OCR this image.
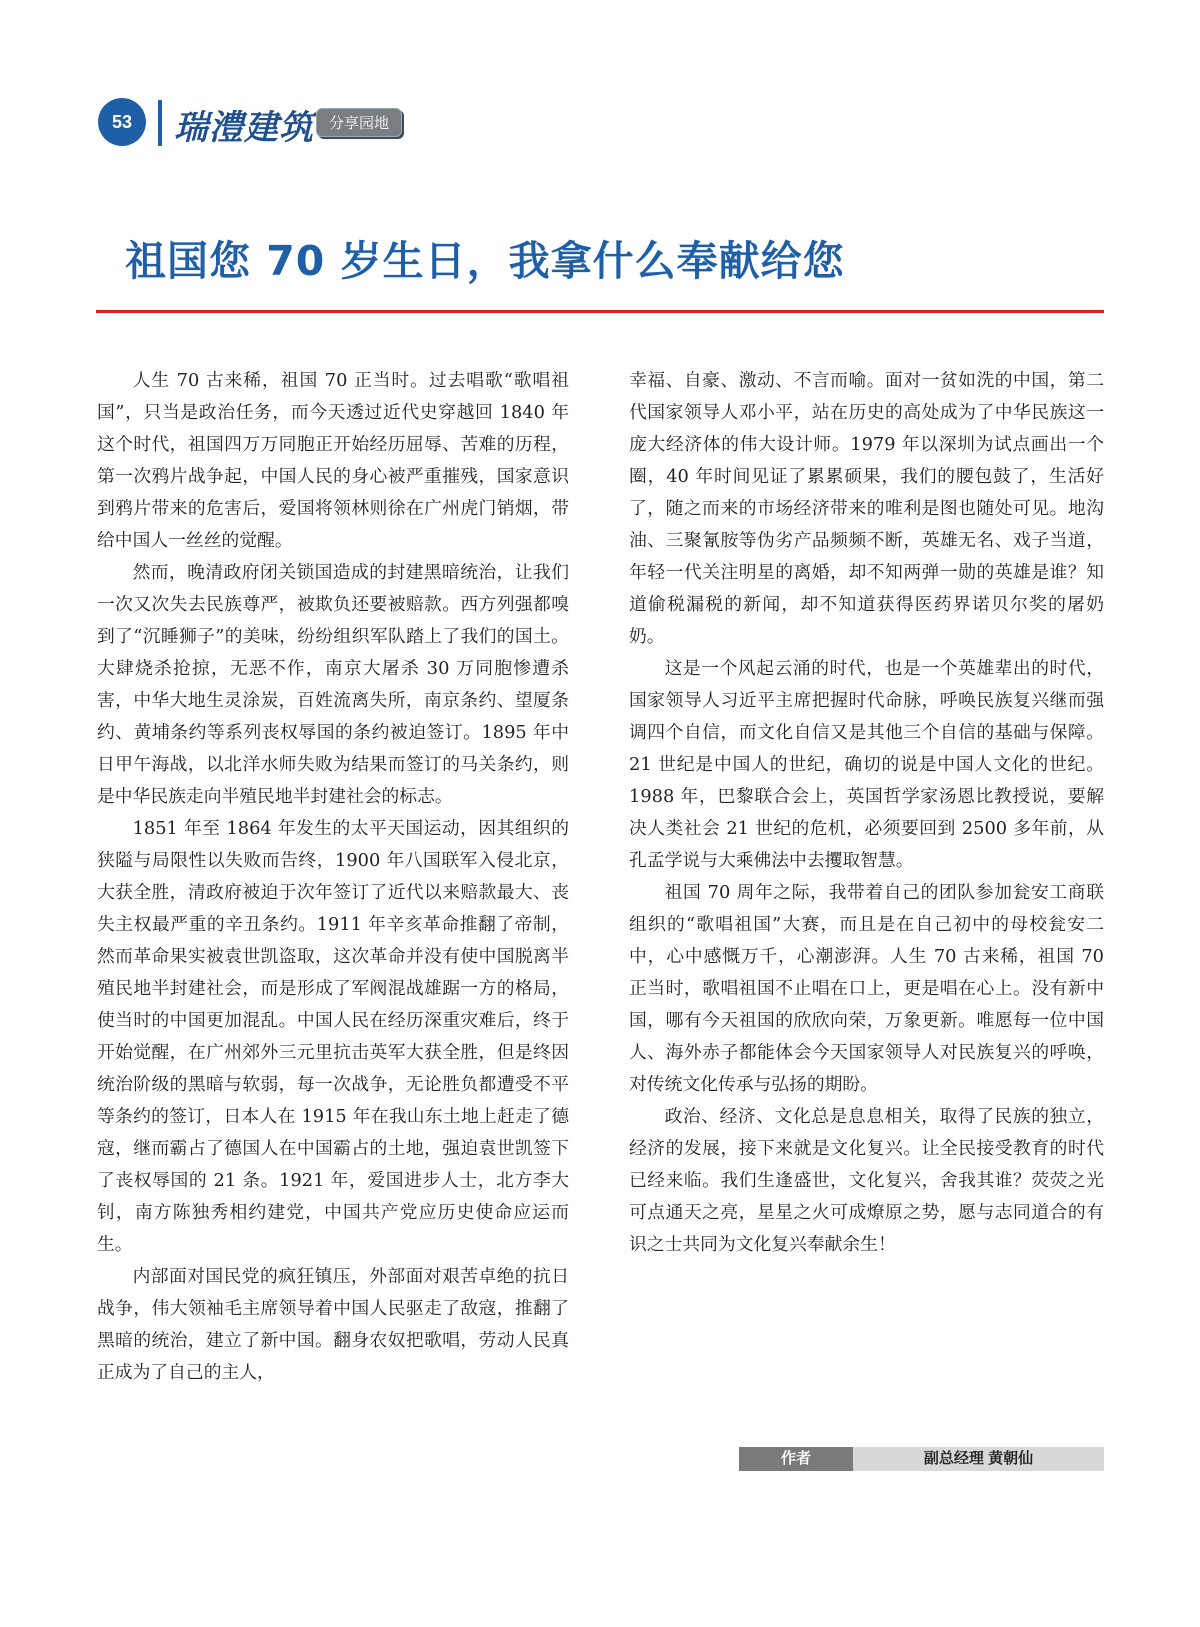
53	瑞澧建筑	分享园地
祖国您 70 岁生日，我拿什么奉献给您

人生 70 古来稀，祖国 70 正当时。过去唱歌“歌唱祖国”，只当是政治任务，而今天透过近代史穿越回 1840 年这个时代，祖国四万万同胞正开始经历屈辱、苦难的历程，第一次鸦片战争起，中国人民的身心被严重摧残，国家意识到鸦片带来的危害后，爱国将领林则徐在广州虎门销烟，带给中国人一丝丝的觉醒。

然而，晚清政府闭关锁国造成的封建黑暗统治，让我们一次又次失去民族尊严，被欺负还要被赔款。西方列强都嗅到了“沉睡狮子”的美味，纷纷组织军队踏上了我们的国土。大肆烧杀抢掠，无恶不作，南京大屠杀 30 万同胞惨遭杀害，中华大地生灵涂炭，百姓流离失所，南京条约、望厦条约、黄埔条约等系列丧权辱国的条约被迫签订。1895 年中日甲午海战，以北洋水师失败为结果而签订的马关条约，则是中华民族走向半殖民地半封建社会的标志。

1851 年至 1864 年发生的太平天国运动，因其组织的狭隘与局限性以失败而告终，1900 年八国联军入侵北京，大获全胜，清政府被迫于次年签订了近代以来赔款最大、丧失主权最严重的辛丑条约。1911 年辛亥革命推翻了帝制，然而革命果实被袁世凯盗取，这次革命并没有使中国脱离半殖民地半封建社会，而是形成了军阀混战雄踞一方的格局，使当时的中国更加混乱。中国人民在经历深重灾难后，终于开始觉醒，在广州郊外三元里抗击英军大获全胜，但是终因统治阶级的黑暗与软弱，每一次战争，无论胜负都遭受不平等条约的签订，日本人在 1915 年在我山东土地上赶走了德寇，继而霸占了德国人在中国霸占的土地，强迫袁世凯签下了丧权辱国的 21 条。1921 年，爱国进步人士，北方李大钊，南方陈独秀相约建党，中国共产党应历史使命应运而生。

内部面对国民党的疯狂镇压，外部面对艰苦卓绝的抗日战争，伟大领袖毛主席领导着中国人民驱走了敌寇，推翻了黑暗的统治，建立了新中国。翻身农奴把歌唱，劳动人民真正成为了自己的主人，

幸福、自豪、激动、不言而喻。面对一贫如洗的中国，第二代国家领导人邓小平，站在历史的高处成为了中华民族这一庞大经济体的伟大设计师。1979 年以深圳为试点画出一个圈，40 年时间见证了累累硕果，我们的腰包鼓了，生活好了，随之而来的市场经济带来的唯利是图也随处可见。地沟油、三聚氰胺等伪劣产品频频不断，英雄无名、戏子当道，年轻一代关注明星的离婚，却不知两弹一勋的英雄是谁？知道偷税漏税的新闻，却不知道获得医药界诺贝尔奖的屠奶奶。

这是一个风起云涌的时代，也是一个英雄辈出的时代，国家领导人习近平主席把握时代命脉，呼唤民族复兴继而强调四个自信，而文化自信又是其他三个自信的基础与保障。21 世纪是中国人的世纪，确切的说是中国人文化的世纪。1988 年，巴黎联合会上，英国哲学家汤恩比教授说，要解决人类社会 21 世纪的危机，必须要回到 2500 多年前，从孔孟学说与大乘佛法中去攫取智慧。

祖国 70 周年之际，我带着自己的团队参加瓮安工商联组织的“歌唱祖国”大赛，而且是在自己初中的母校瓮安二中，心中感慨万千，心潮澎湃。人生 70 古来稀，祖国 70 正当时，歌唱祖国不止唱在口上，更是唱在心上。没有新中国，哪有今天祖国的欣欣向荣，万象更新。唯愿每一位中国人、海外赤子都能体会今天国家领导人对民族复兴的呼唤，对传统文化传承与弘扬的期盼。

政治、经济、文化总是息息相关，取得了民族的独立，经济的发展，接下来就是文化复兴。让全民接受教育的时代已经来临。我们生逢盛世，文化复兴，舍我其谁？荧荧之光可点通天之亮，星星之火可成燎原之势，愿与志同道合的有识之士共同为文化复兴奉献余生！

作者	副总经理 黄朝仙
